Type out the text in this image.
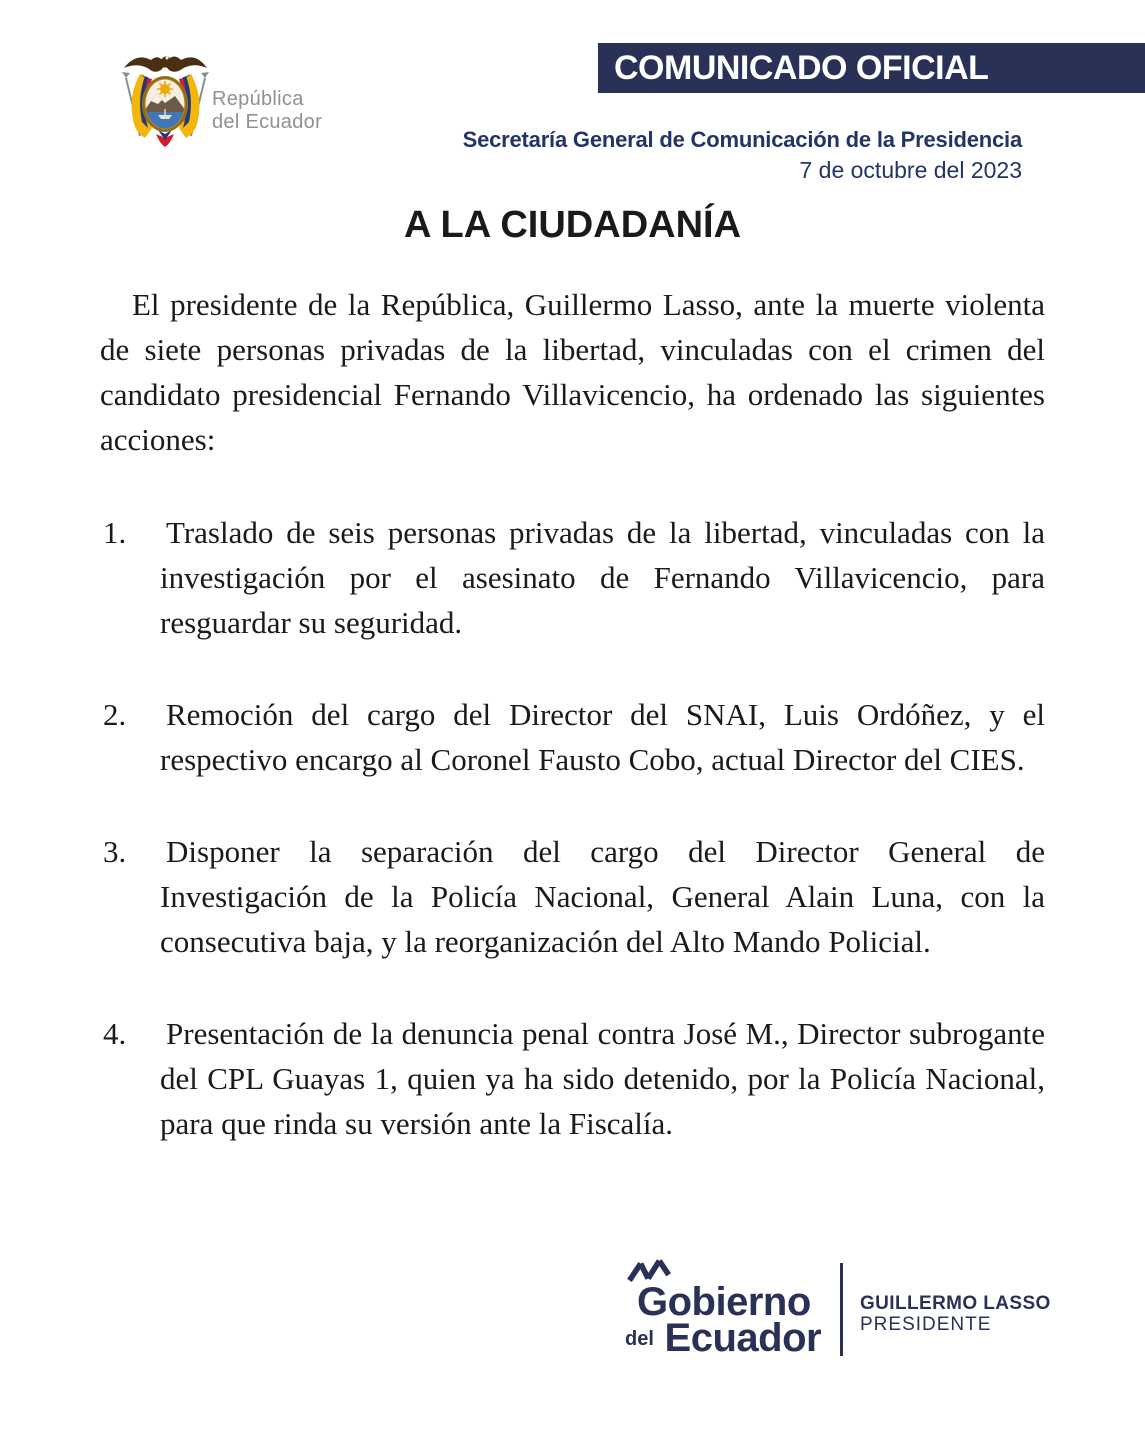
República
del Ecuador
COMUNICADO OFICIAL
Secretaría General de Comunicación de la Presidencia
7 de octubre del 2023
A LA CIUDADANÍA

El presidente de la República, Guillermo Lasso, ante la muerte violenta de siete personas privadas de la libertad, vinculadas con el crimen del candidato presidencial Fernando Villavicencio, ha ordenado las siguientes acciones:

1. Traslado de seis personas privadas de la libertad, vinculadas con la investigación por el asesinato de Fernando Villavicencio, para resguardar su seguridad.

2. Remoción del cargo del Director del SNAI, Luis Ordóñez, y el respectivo encargo al Coronel Fausto Cobo, actual Director del CIES.

3. Disponer la separación del cargo del Director General de Investigación de la Policía Nacional, General Alain Luna, con la consecutiva baja, y la reorganización del Alto Mando Policial.

4. Presentación de la denuncia penal contra José M., Director subrogante del CPL Guayas 1, quien ya ha sido detenido, por la Policía Nacional, para que rinda su versión ante la Fiscalía.

Gobierno
del Ecuador
GUILLERMO LASSO
PRESIDENTE
